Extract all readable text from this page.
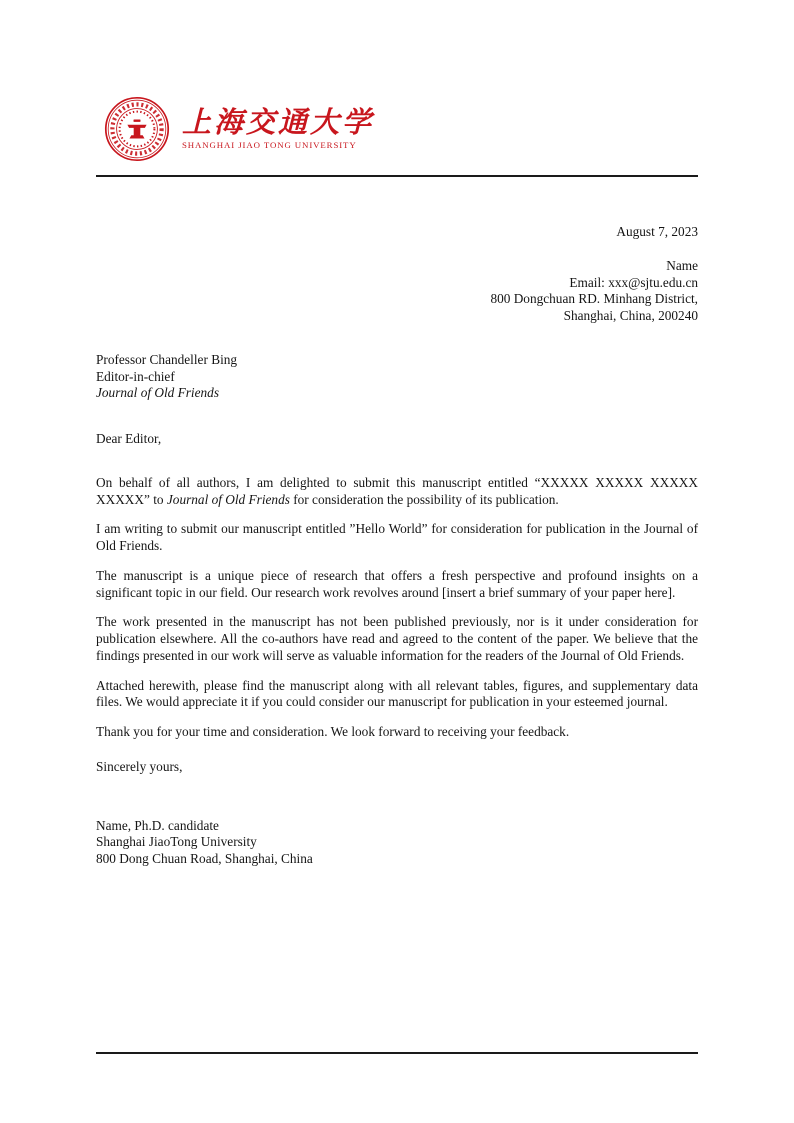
上海交通大学
SHANGHAI JIAO TONG UNIVERSITY
August 7, 2023
Name
Email: xxx@sjtu.edu.cn
800 Dongchuan RD. Minhang District,
Shanghai, China, 200240
Professor Chandeller Bing
Editor-in-chief
Journal of Old Friends
Dear Editor,

On behalf of all authors, I am delighted to submit this manuscript entitled “XXXXX XXXXX XXXXX XXXXX” to Journal of Old Friends for consideration the possibility of its publication.

I am writing to submit our manuscript entitled ”Hello World” for consideration for publication in the Journal of Old Friends.

The manuscript is a unique piece of research that offers a fresh perspective and profound insights on a significant topic in our field. Our research work revolves around [insert a brief summary of your paper here].

The work presented in the manuscript has not been published previously, nor is it under consideration for publication elsewhere. All the co-authors have read and agreed to the content of the paper. We believe that the findings presented in our work will serve as valuable information for the readers of the Journal of Old Friends.

Attached herewith, please find the manuscript along with all relevant tables, figures, and supplementary data files. We would appreciate it if you could consider our manuscript for publication in your esteemed journal.

Thank you for your time and consideration. We look forward to receiving your feedback.

Sincerely yours,
Name, Ph.D. candidate
Shanghai JiaoTong University
800 Dong Chuan Road, Shanghai, China
